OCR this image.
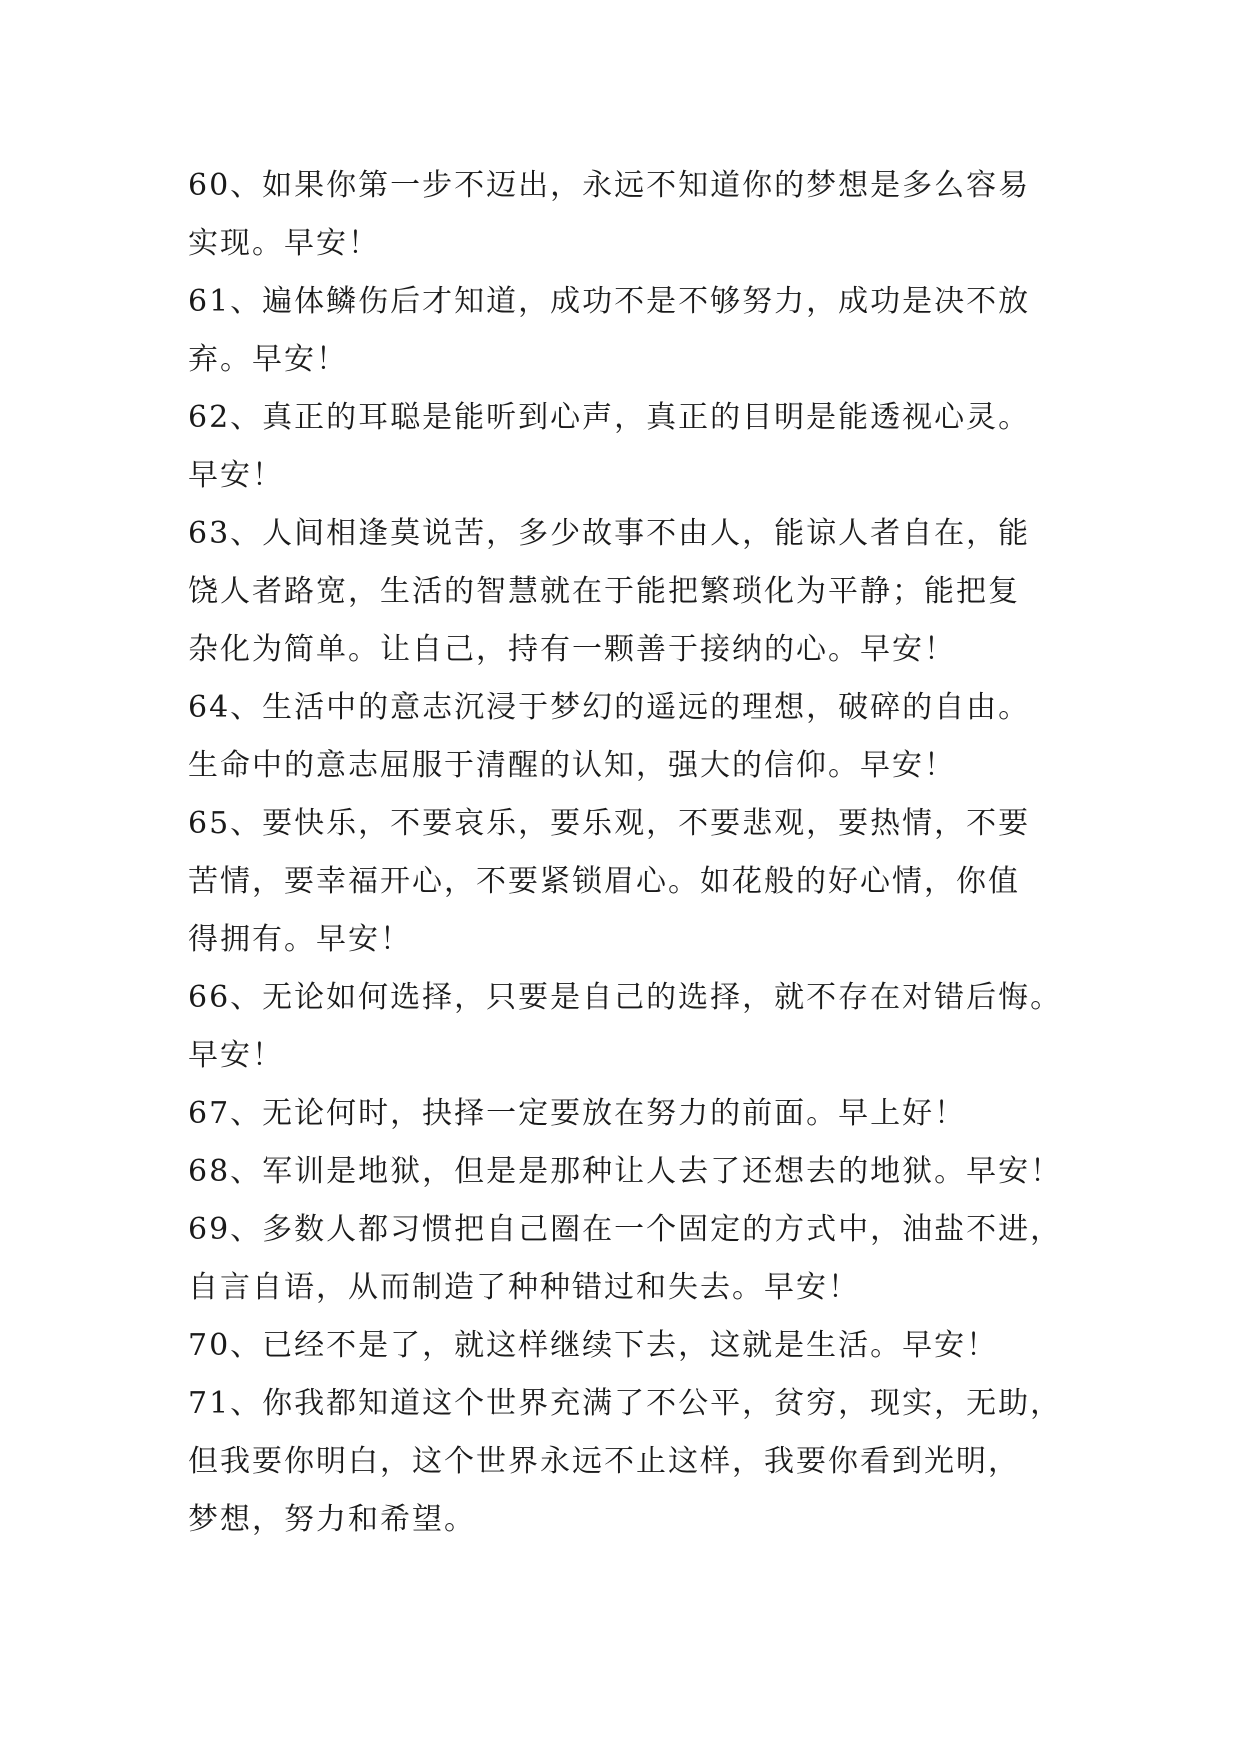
60、如果你第一步不迈出，永远不知道你的梦想是多么容易
实现。早安！
61、遍体鳞伤后才知道，成功不是不够努力，成功是决不放
弃。早安！
62、真正的耳聪是能听到心声，真正的目明是能透视心灵。
早安！
63、人间相逢莫说苦，多少故事不由人，能谅人者自在，能
饶人者路宽，生活的智慧就在于能把繁琐化为平静；能把复
杂化为简单。让自己，持有一颗善于接纳的心。早安！
64、生活中的意志沉浸于梦幻的遥远的理想，破碎的自由。
生命中的意志屈服于清醒的认知，强大的信仰。早安！
65、要快乐，不要哀乐，要乐观，不要悲观，要热情，不要
苦情，要幸福开心，不要紧锁眉心。如花般的好心情，你值
得拥有。早安！
66、无论如何选择，只要是自己的选择，就不存在对错后悔。
早安！
67、无论何时，抉择一定要放在努力的前面。早上好！
68、军训是地狱，但是是那种让人去了还想去的地狱。早安！
69、多数人都习惯把自己圈在一个固定的方式中，油盐不进，
自言自语，从而制造了种种错过和失去。早安！
70、已经不是了，就这样继续下去，这就是生活。早安！
71、你我都知道这个世界充满了不公平，贫穷，现实，无助，
但我要你明白，这个世界永远不止这样，我要你看到光明，
梦想，努力和希望。
